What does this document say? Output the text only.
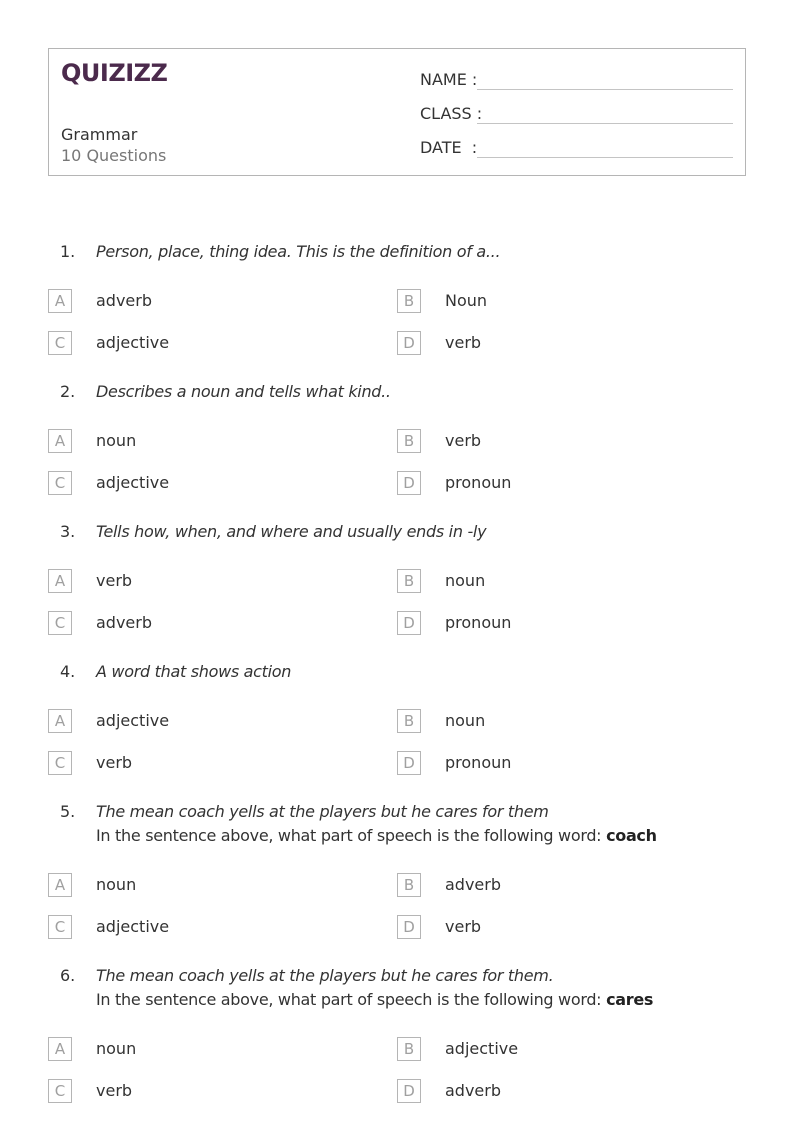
QUIZIZZ
Grammar
10 Questions
NAME :
CLASS :
DATE  :
1. Person, place, thing idea. This is the definition of a...
A	adverb	B	Noun
C	adjective	D	verb
2. Describes a noun and tells what kind..
A	noun	B	verb
C	adjective	D	pronoun
3. Tells how, when, and where and usually ends in -ly
A	verb	B	noun
C	adverb	D	pronoun
4. A word that shows action
A	adjective	B	noun
C	verb	D	pronoun
5. The mean coach yells at the players but he cares for them
In the sentence above, what part of speech is the following word: coach
A	noun	B	adverb
C	adjective	D	verb
6. The mean coach yells at the players but he cares for them.
In the sentence above, what part of speech is the following word: cares
A	noun	B	adjective
C	verb	D	adverb
